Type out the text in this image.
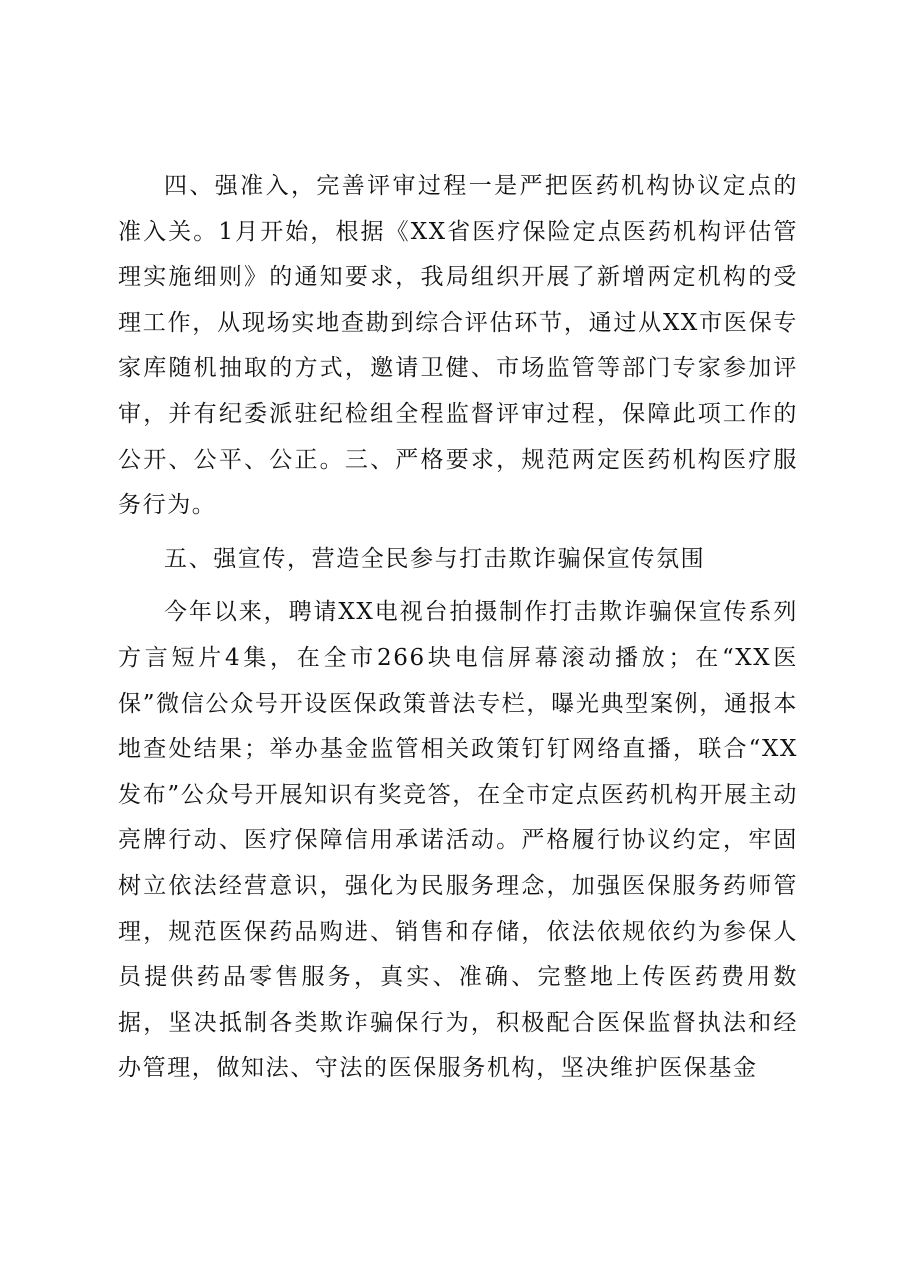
四、强准入，完善评审过程一是严把医药机构协议定点的准入关。1月开始，根据《XX省医疗保险定点医药机构评估管理实施细则》的通知要求，我局组织开展了新增两定机构的受理工作，从现场实地查勘到综合评估环节，通过从XX市医保专家库随机抽取的方式，邀请卫健、市场监管等部门专家参加评审，并有纪委派驻纪检组全程监督评审过程，保障此项工作的公开、公平、公正。三、严格要求，规范两定医药机构医疗服务行为。

五、强宣传，营造全民参与打击欺诈骗保宣传氛围

今年以来，聘请XX电视台拍摄制作打击欺诈骗保宣传系列方言短片4集，在全市266块电信屏幕滚动播放；在“XX医保”微信公众号开设医保政策普法专栏，曝光典型案例，通报本地查处结果；举办基金监管相关政策钉钉网络直播，联合“XX发布”公众号开展知识有奖竞答，在全市定点医药机构开展主动亮牌行动、医疗保障信用承诺活动。严格履行协议约定，牢固树立依法经营意识，强化为民服务理念，加强医保服务药师管理，规范医保药品购进、销售和存储，依法依规依约为参保人员提供药品零售服务，真实、准确、完整地上传医药费用数据，坚决抵制各类欺诈骗保行为，积极配合医保监督执法和经办管理，做知法、守法的医保服务机构，坚决维护医保基金
